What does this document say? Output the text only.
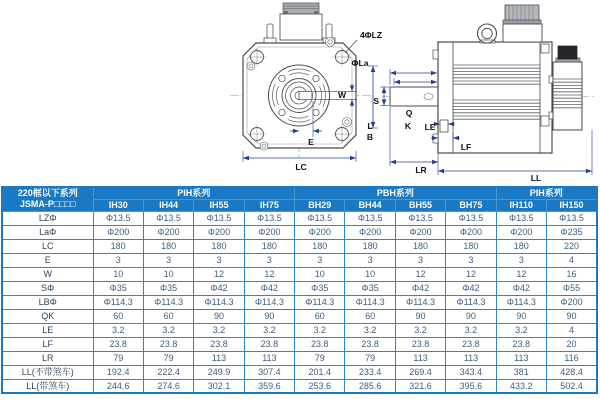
W
E
LC
4ΦLZ
Q
K
S
ΦLa
L
B
LE
LF
LR
LL
220框以下系列
JSMA-P□□□□	PIH系列				PBH系列				PIH系列	
	IH30	IH44	IH55	IH75	BH29	BH44	BH55	BH75	IH110	IH150
LZΦ	Φ13.5	Φ13.5	Φ13.5	Φ13.5	Φ13.5	Φ13.5	Φ13.5	Φ13.5	Φ13.5	Φ13.5
LaΦ	Φ200	Φ200	Φ200	Φ200	Φ200	Φ200	Φ200	Φ200	Φ200	Φ235
LC	180	180	180	180	180	180	180	180	180	220
E	3	3	3	3	3	3	3	3	3	4
W	10	10	12	12	10	10	12	12	12	16
SΦ	Φ35	Φ35	Φ42	Φ42	Φ35	Φ35	Φ42	Φ42	Φ42	Φ55
LBΦ	Φ114.3	Φ114.3	Φ114.3	Φ114.3	Φ114.3	Φ114.3	Φ114.3	Φ114.3	Φ114.3	Φ200
QK	60	60	90	90	60	60	90	90	90	90
LE	3.2	3.2	3.2	3.2	3.2	3.2	3.2	3.2	3.2	4
LF	23.8	23.8	23.8	23.8	23.8	23.8	23.8	23.8	23.8	20
LR	79	79	113	113	79	79	113	113	113	116
LL(不带煞车)	192.4	222.4	249.9	307.4	201.4	233.4	269.4	343.4	381	428.4
LL(带煞车)	244.6	274.6	302.1	359.6	253.6	285.6	321.6	395.6	433.2	502.4
